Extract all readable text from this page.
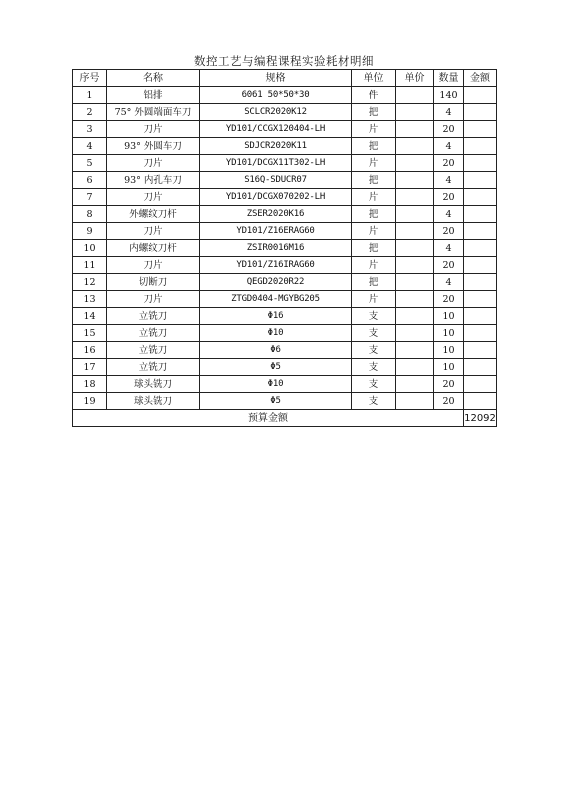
数控工艺与编程课程实验耗材明细
序号	名称	规格	单位	单价	数量	金额
1	铝排	6061 50*50*30	件		140	
2	75° 外圆端面车刀	SCLCR2020K12	把		4	
3	刀片	YD101/CCGX120404-LH	片		20	
4	93° 外圆车刀	SDJCR2020K11	把		4	
5	刀片	YD101/DCGX11T302-LH	片		20	
6	93° 内孔车刀	S16Q-SDUCR07	把		4	
7	刀片	YD101/DCGX070202-LH	片		20	
8	外螺纹刀杆	ZSER2020K16	把		4	
9	刀片	YD101/Z16ERAG60	片		20	
10	内螺纹刀杆	ZSIR0016M16	把		4	
11	刀片	YD101/Z16IRAG60	片		20	
12	切断刀	QEGD2020R22	把		4	
13	刀片	ZTGD0404-MGYBG205	片		20	
14	立铣刀	Φ16	支		10	
15	立铣刀	Φ10	支		10	
16	立铣刀	Φ6	支		10	
17	立铣刀	Φ5	支		10	
18	球头铣刀	Φ10	支		20	
19	球头铣刀	Φ5	支		20	
预算金额						12092
